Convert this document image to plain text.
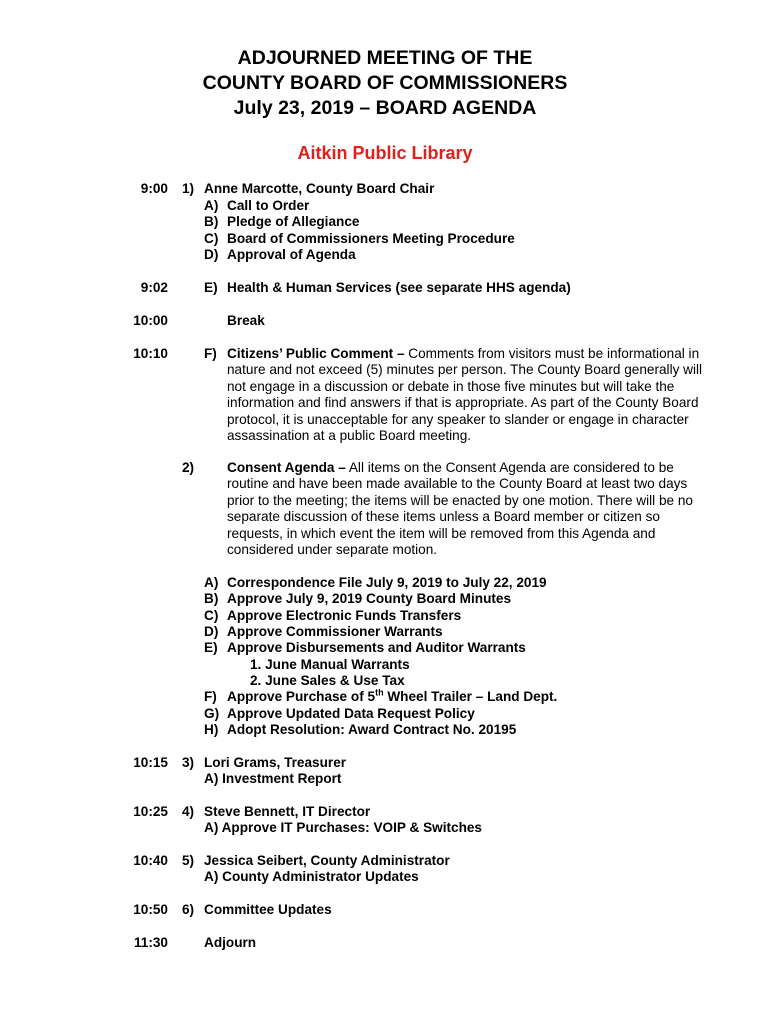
ADJOURNED MEETING OF THE
COUNTY BOARD OF COMMISSIONERS
July 23, 2019 – BOARD AGENDA
Aitkin Public Library
9:00 1) Anne Marcotte, County Board Chair
A) Call to Order
B) Pledge of Allegiance
C) Board of Commissioners Meeting Procedure
D) Approval of Agenda
9:02	E) Health & Human Services (see separate HHS agenda)
10:00	Break
10:10	F) Citizens’ Public Comment – Comments from visitors must be informational in
nature and not exceed (5) minutes per person. The County Board generally will
not engage in a discussion or debate in those five minutes but will take the
information and find answers if that is appropriate. As part of the County Board
protocol, it is unacceptable for any speaker to slander or engage in character
assassination at a public Board meeting.
2) Consent Agenda – All items on the Consent Agenda are considered to be
routine and have been made available to the County Board at least two days
prior to the meeting; the items will be enacted by one motion. There will be no
separate discussion of these items unless a Board member or citizen so
requests, in which event the item will be removed from this Agenda and
considered under separate motion.
A) Correspondence File July 9, 2019 to July 22, 2019
B) Approve July 9, 2019 County Board Minutes
C) Approve Electronic Funds Transfers
D) Approve Commissioner Warrants
E) Approve Disbursements and Auditor Warrants
1. June Manual Warrants
2. June Sales & Use Tax
F) Approve Purchase of 5th Wheel Trailer – Land Dept.
G) Approve Updated Data Request Policy
H) Adopt Resolution: Award Contract No. 20195
10:15 3) Lori Grams, Treasurer
A) Investment Report
10:25 4) Steve Bennett, IT Director
A) Approve IT Purchases: VOIP & Switches
10:40 5) Jessica Seibert, County Administrator
A) County Administrator Updates
10:50 6) Committee Updates
11:30	Adjourn
